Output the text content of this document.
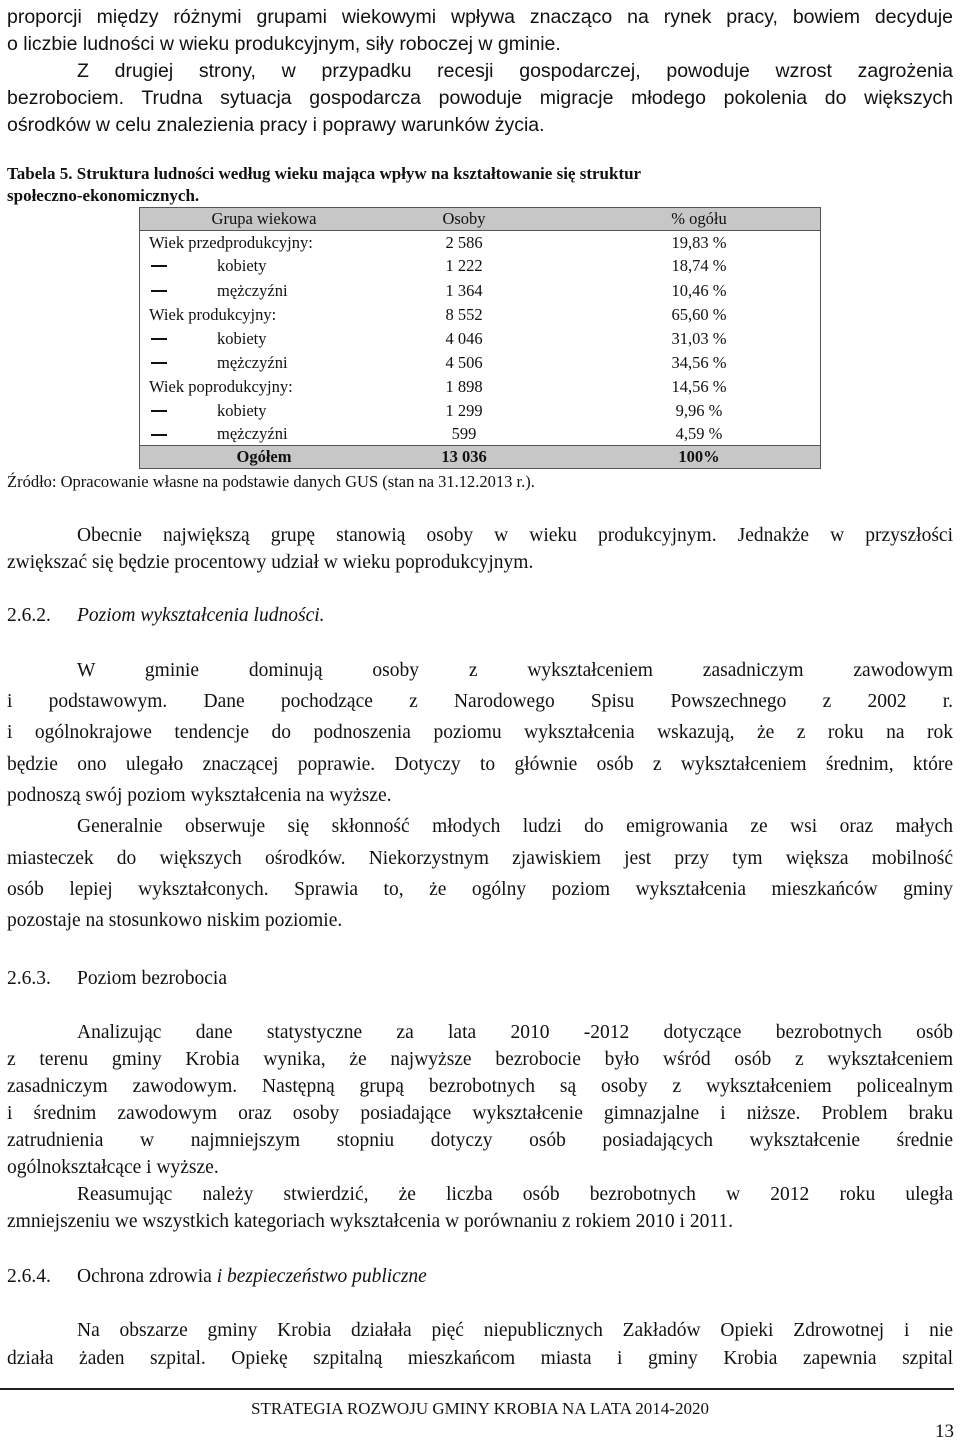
proporcji między różnymi grupami wiekowymi wpływa znacząco na rynek pracy, bowiem decyduje
o liczbie ludności w wieku produkcyjnym, siły roboczej w gminie.
Z drugiej strony, w przypadku recesji gospodarczej, powoduje wzrost zagrożenia
bezrobociem. Trudna sytuacja gospodarcza powoduje migracje młodego pokolenia do większych
ośrodków w celu znalezienia pracy i poprawy warunków życia.
Tabela 5. Struktura ludności według wieku mająca wpływ na kształtowanie się struktur
społeczno-ekonomicznych.
Grupa wiekowa	Osoby	% ogółu
Wiek przedprodukcyjny:	2 586	19,83 %
kobiety	1 222	18,74 %
mężczyźni	1 364	10,46 %
Wiek produkcyjny:	8 552	65,60 %
kobiety	4 046	31,03 %
mężczyźni	4 506	34,56 %
Wiek poprodukcyjny:	1 898	14,56 %
kobiety	1 299	9,96 %
mężczyźni	599	4,59 %
Ogółem	13 036	100%
Źródło: Opracowanie własne na podstawie danych GUS (stan na 31.12.2013 r.).
Obecnie największą grupę stanowią osoby w wieku produkcyjnym. Jednakże w przyszłości
zwiększać się będzie procentowy udział w wieku poprodukcyjnym.
2.6.2. Poziom wykształcenia ludności.
W gminie dominują osoby z wykształceniem zasadniczym zawodowym
i podstawowym. Dane pochodzące z Narodowego Spisu Powszechnego z 2002 r.
i ogólnokrajowe tendencje do podnoszenia poziomu wykształcenia wskazują, że z roku na rok
będzie ono ulegało znaczącej poprawie. Dotyczy to głównie osób z wykształceniem średnim, które
podnoszą swój poziom wykształcenia na wyższe.
Generalnie obserwuje się skłonność młodych ludzi do emigrowania ze wsi oraz małych
miasteczek do większych ośrodków. Niekorzystnym zjawiskiem jest przy tym większa mobilność
osób lepiej wykształconych. Sprawia to, że ogólny poziom wykształcenia mieszkańców gminy
pozostaje na stosunkowo niskim poziomie.
2.6.3. Poziom bezrobocia
Analizując dane statystyczne za lata 2010 -2012 dotyczące bezrobotnych osób
z terenu gminy Krobia wynika, że najwyższe bezrobocie było wśród osób z wykształceniem
zasadniczym zawodowym. Następną grupą bezrobotnych są osoby z wykształceniem policealnym
i średnim zawodowym oraz osoby posiadające wykształcenie gimnazjalne i niższe. Problem braku
zatrudnienia w najmniejszym stopniu dotyczy osób posiadających wykształcenie średnie
ogólnokształcące i wyższe.
Reasumując należy stwierdzić, że liczba osób bezrobotnych w 2012 roku uległa
zmniejszeniu we wszystkich kategoriach wykształcenia w porównaniu z rokiem 2010 i 2011.
2.6.4. Ochrona zdrowia i bezpieczeństwo publiczne
Na obszarze gminy Krobia działała pięć niepublicznych Zakładów Opieki Zdrowotnej i nie
działa żaden szpital. Opiekę szpitalną mieszkańcom miasta i gminy Krobia zapewnia szpital
STRATEGIA ROZWOJU GMINY KROBIA NA LATA 2014-2020
13
